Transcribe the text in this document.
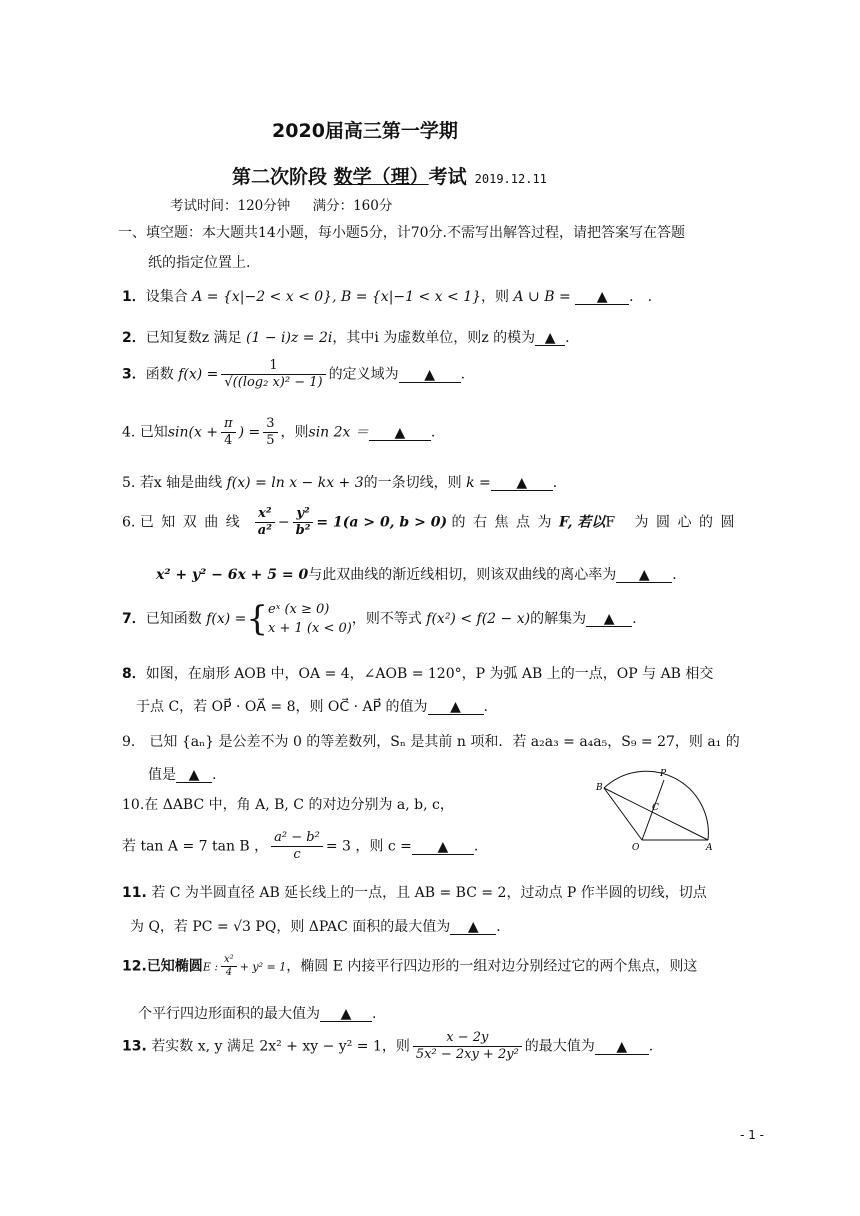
2020届高三第一学期
第二次阶段 数学（理）考试 2019.12.11
考试时间：120分钟 满分：160分
一、填空题：本大题共14小题，每小题5分，计70分.不需写出解答过程，请把答案写在答题
纸的指定位置上.
1．设集合 A = {x|−2 < x < 0}, B = {x|−1 < x < 1}，则 A ∪ B = ▲ ． .
2．已知复数z 满足 (1 − i)z = 2i，其中i 为虚数单位，则z 的模为 ▲ .
3．函数 $f(x) = \frac{1}{\text{√((log₂ x)² − 1)}}$ 的定义域为 ▲ .
4. 已知$\sin(x + \frac{\pi}{4}$ ) = $\frac{3}{5}$ ，则sin 2x ＝ ▲ .
5. 若x 轴是曲线 f(x) = ln x − kx + 3的一条切线，则 k = ▲ .
6. 已知双曲线 $\frac{\text{x²}}{\text{a²}} - \frac{\text{y²}}{\text{b²}} = 1(a > 0$, b > 0) 的右焦点为F, 若以F 为圆心的圆
x² + y² − 6x + 5 = 0与此双曲线的渐近线相切，则该双曲线的离心率为 ▲ .
7．已知函数 f(x) ={ eˣ (x ≥ 0)
x + 1 (x < 0)
，则不等式 f(x²) < f(2 − x)的解集为 ▲ .
8．如图，在扇形 AOB 中，OA = 4，∠AOB = 120°，P 为弧 AB 上的一点，OP 与 AB 相交
于点 C，若 OP⃗ · OA⃗ = 8，则 OC⃗ · AP⃗ 的值为 ▲ .
9． 已知 {aₙ} 是公差不为 0 的等差数列，Sₙ 是其前 n 项和．若 a₂a₃ = a₄a₅，S₉ = 27，则 a₁ 的
值是 ▲ .
10.在 ΔABC 中，角 A, B, C 的对边分别为 a, b, c，
若 tan A = 7 tan B ， $\frac{\text{a² − b²}}{c} = 3$ ，则 c = ▲ .
B
P
C
O	A
11. 若 C 为半圆直径 AB 延长线上的一点，且 AB = BC = 2，过动点 P 作半圆的切线，切点
为 Q，若 PC = √3 PQ，则 ΔPAC 面积的最大值为 ▲ .
12.已知椭圆E : $\frac{\text{x²}}{4} + y^2 = 1$，椭圆 E 内接平行四边形的一组对边分别经过它的两个焦点，则这
个平行四边形面积的最大值为 ▲ .
13. 若实数 x, y 满足 2x² + xy − y² = 1，则 $\frac{x - 2y}{\text{5x² − 2xy + 2y²}}$ 的最大值为 ▲ .
- 1 -
